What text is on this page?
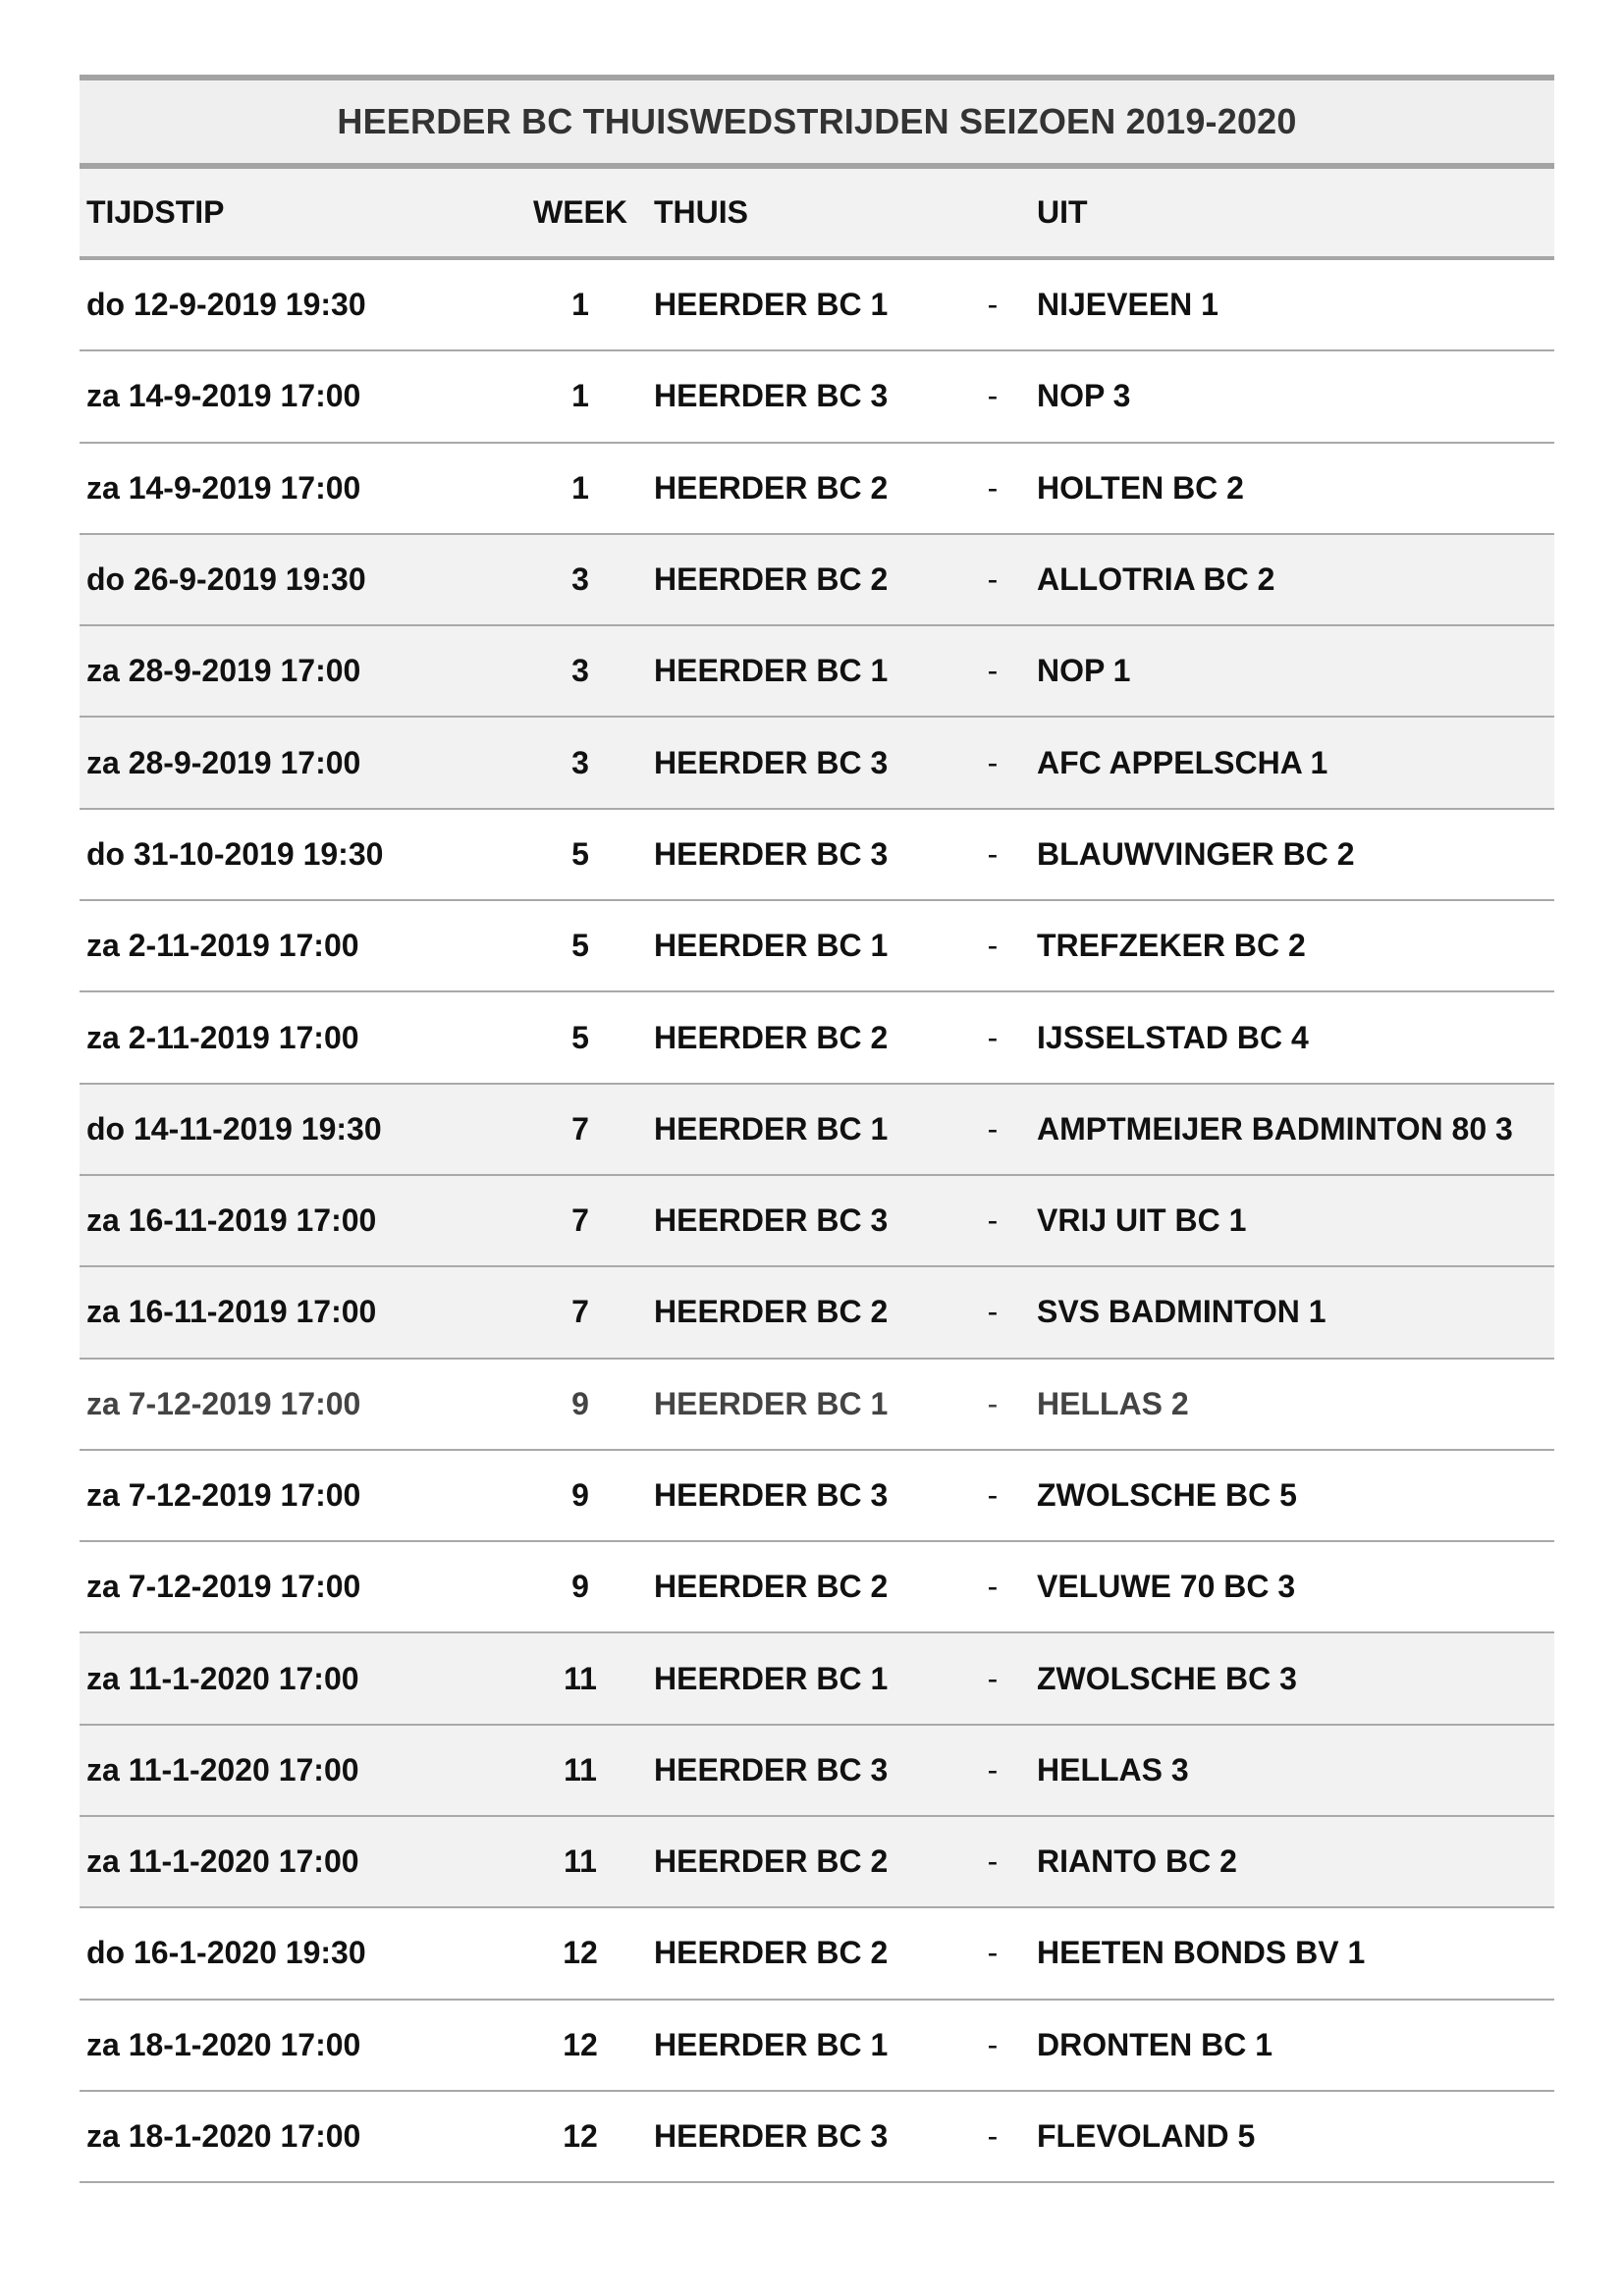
HEERDER BC THUISWEDSTRIJDEN SEIZOEN 2019-2020
TIJDSTIP	WEEK THUIS	UIT
do 12-9-2019 19:30	1	HEERDER BC 1	-	NIJEVEEN 1
za 14-9-2019 17:00	1	HEERDER BC 3	-	NOP 3
za 14-9-2019 17:00	1	HEERDER BC 2	-	HOLTEN BC 2
do 26-9-2019 19:30	3	HEERDER BC 2	-	ALLOTRIA BC 2
za 28-9-2019 17:00	3	HEERDER BC 1	-	NOP 1
za 28-9-2019 17:00	3	HEERDER BC 3	-	AFC APPELSCHA 1
do 31-10-2019 19:30	5	HEERDER BC 3	-	BLAUWVINGER BC 2
za 2-11-2019 17:00	5	HEERDER BC 1	-	TREFZEKER BC 2
za 2-11-2019 17:00	5	HEERDER BC 2	-	IJSSELSTAD BC 4
do 14-11-2019 19:30	7	HEERDER BC 1	-	AMPTMEIJER BADMINTON 80 3
za 16-11-2019 17:00	7	HEERDER BC 3	-	VRIJ UIT BC 1
za 16-11-2019 17:00	7	HEERDER BC 2	-	SVS BADMINTON 1
za 7-12-2019 17:00	9	HEERDER BC 1	-	HELLAS 2
za 7-12-2019 17:00	9	HEERDER BC 3	-	ZWOLSCHE BC 5
za 7-12-2019 17:00	9	HEERDER BC 2	-	VELUWE 70 BC 3
za 11-1-2020 17:00	11	HEERDER BC 1	-	ZWOLSCHE BC 3
za 11-1-2020 17:00	11	HEERDER BC 3	-	HELLAS 3
za 11-1-2020 17:00	11	HEERDER BC 2	-	RIANTO BC 2
do 16-1-2020 19:30	12	HEERDER BC 2	-	HEETEN BONDS BV 1
za 18-1-2020 17:00	12	HEERDER BC 1	-	DRONTEN BC 1
za 18-1-2020 17:00	12	HEERDER BC 3	-	FLEVOLAND 5
